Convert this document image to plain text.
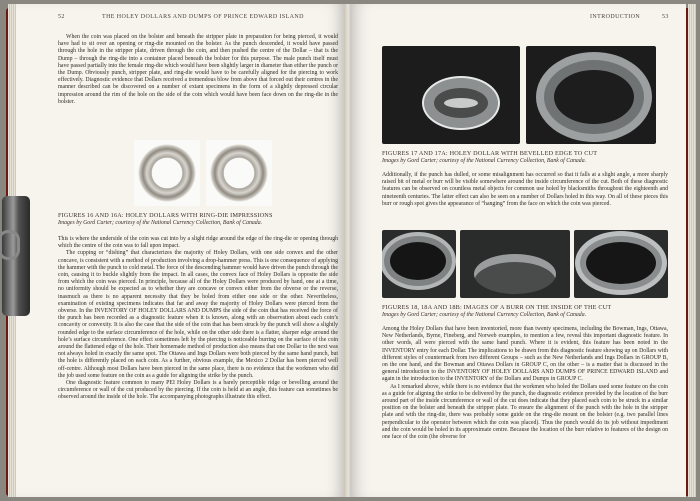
52	THE HOLEY DOLLARS AND DUMPS OF PRINCE EDWARD ISLAND

When the coin was placed on the bolster and beneath the stripper plate in preparation for being pierced, it would have had to sit over an opening or ring-die mounted on the bolster. As the punch descended, it would have passed through the hole in the stripper plate, driven through the coin, and then pushed the centre of the Dollar – that is the Dump – through the ring-die into a container placed beneath the bolster for this purpose. The male punch itself must have passed partially into the female ring-die which would have been slightly larger in diameter than either the punch or the Dump. Obviously punch, stripper plate, and ring-die would have to be carefully aligned for the piercing to work effectively. Diagnostic evidence that Dollars received a tremendous blow from above that forced out their centres in the manner described can be discovered on a number of extant specimens in the form of a slightly depressed circular impression around the rim of the hole on the side of the coin which would have been face down on the ring-die in the bolster.

FIGURES 16 AND 16A: HOLEY DOLLARS WITH RING-DIE IMPRESSIONS
Images by Gord Carter; courtesy of the National Currency Collection, Bank of Canada.

This is where the underside of the coin was cut into by a slight ridge around the edge of the ring-die or opening through which the centre of the coin was to fall upon impact.

The cupping or “dishing” that characterizes the majority of Holey Dollars, with one side convex and the other concave, is consistent with a method of production involving a drop-hammer press. This is one consequence of applying the hammer with the punch to cold metal. The force of the descending hammer would have driven the punch through the coin, causing it to buckle slightly from the impact. In all cases, the convex face of Holey Dollars is opposite the side from which the coin was pierced. In principle, because all of the Holey Dollars were produced by hand, one at a time, no uniformity should be expected as to whether they are concave or convex either from the obverse or the reverse, inasmuch as there is no apparent necessity that they be holed from either one side or the other. Nevertheless, examination of existing specimens indicates that far and away the majority of Holey Dollars were pierced from the obverse. In the INVENTORY OF HOLEY DOLLARS AND DUMPS the side of the coin that has received the force of the punch has been recorded as a diagnostic feature when it is known, along with an observation about each coin’s concavity or convexity. It is also the case that the side of the coin that has been struck by the punch will show a slightly rounded edge to the surface circumference of the hole, while on the other side there is a flatter, sharper edge around the hole’s surface circumference. One effect sometimes left by the piercing is noticeable burring on the surface of the coin around the flattened edge of the hole. Their homemade method of production also means that one Dollar to the next was not always holed in exactly the same spot. The Ottawa and Ings Dollars were both pierced by the same hand punch, but the hole is differently placed on each coin. As a further, obvious example, the Mexico 2 Dollar has been pierced well off-centre. Although most Dollars have been pierced in the same place, there is no evidence that the workmen who did the job used some feature on the coin as a guide for aligning the strike by the punch.

One diagnostic feature common to many PEI Holey Dollars is a barely perceptible ridge or bevelling around the circumference or wall of the cut produced by the piercing. If the coin is held at an angle, this feature can sometimes be observed around the inside of the hole. The accompanying photographs illustrate this effect.

INTRODUCTION	53
FIGURES 17 AND 17A: HOLEY DOLLAR WITH BEVELLED EDGE TO CUT
Images by Gord Carter; courtesy of the National Currency Collection, Bank of Canada.

Additionally, if the punch has dulled, or some misalignment has occurred so that it falls at a slight angle, a more sharply raised bit of metal or burr will be visible somewhere around the inside circumference of the cut. Both of these diagnostic features can be observed on countless metal objects for common use holed by blacksmiths throughout the eighteenth and nineteenth centuries. The latter effect can also be seen on a number of Dollars holed in this way. On all of these pieces this burr or rough spot gives the appearance of “hanging” from the face on which the coin was pierced.

FIGURES 18, 18A AND 18B: IMAGES OF A BURR ON THE INSIDE OF THE CUT
Images by Gord Carter; courtesy of the National Currency Collection, Bank of Canada.

Among the Holey Dollars that have been inventoried, more than twenty specimens, including the Bowman, Ings, Ottawa, New Netherlands, Byrne, Fineberg, and Norweb examples, to mention a few, reveal this important diagnostic feature. In other words, all were pierced with the same hand punch. Where it is evident, this feature has been noted in the INVENTORY entry for each Dollar. The implications to be drawn from this diagnostic feature showing up on Dollars with different styles of countermark from two different Groups – such as the New Netherlands and Ings Dollars in GROUP B, on the one hand, and the Bowman and Ottawa Dollars in GROUP C, on the other – is a matter that is discussed in the general introduction to the INVENTORY OF HOLEY DOLLARS AND DUMPS OF PRINCE EDWARD ISLAND and again in the introduction to the INVENTORY of the Dollars and Dumps in GROUP C.

As I remarked above, while there is no evidence that the workmen who holed the Dollars used some feature on the coin as a guide for aligning the strike to be delivered by the punch, the diagnostic evidence provided by the location of the burr around part of the inside circumference or wall of the cut does indicate that they placed each coin to be struck in a similar position on the bolster and beneath the stripper plate. To ensure the alignment of the punch with the hole in the stripper plate and with the ring-die, there was probably some guide on the ring-die mount on the bolster (e.g. two parallel lines perpendicular to the operator between which the coin was placed). Thus the punch would do its job without impediment and the coin would be holed in its approximate centre. Because the location of the burr relative to features of the design on one face of the coin (the obverse for
